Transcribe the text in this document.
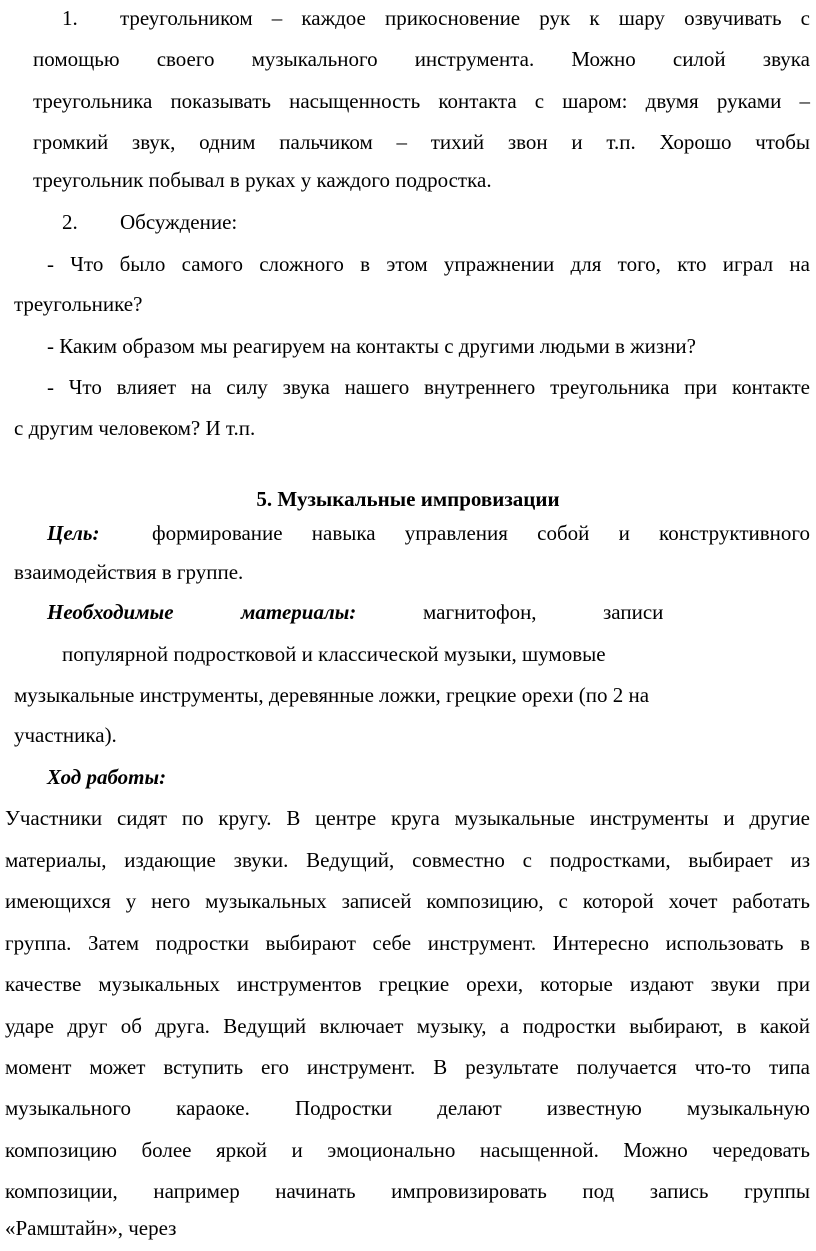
1. треугольником – каждое прикосновение рук к шару озвучивать с
помощью своего музыкального инструмента. Можно силой звука
треугольника показывать насыщенность контакта с шаром: двумя руками –
громкий звук, одним пальчиком – тихий звон и т.п. Хорошо чтобы
треугольник побывал в руках у каждого подростка.
2. Обсуждение:
- Что было самого сложного в этом упражнении для того, кто играл на
треугольнике?
- Каким образом мы реагируем на контакты с другими людьми в жизни?
- Что влияет на силу звука нашего внутреннего треугольника при контакте
с другим человеком? И т.п.
5. Музыкальные импровизации
Цель:	формирование навыка управления собой и конструктивного
взаимодействия в группе.
Необходимые	материалы:	магнитофон,	записи
популярной подростковой и классической музыки, шумовые
музыкальные инструменты, деревянные ложки, грецкие орехи (по 2 на
участника).
Ход работы:
Участники сидят по кругу. В центре круга музыкальные инструменты и другие
материалы, издающие звуки. Ведущий, совместно с подростками, выбирает из
имеющихся у него музыкальных записей композицию, с которой хочет работать
группа. Затем подростки выбирают себе инструмент. Интересно использовать в
качестве музыкальных инструментов грецкие орехи, которые издают звуки при
ударе друг об друга. Ведущий включает музыку, а подростки выбирают, в какой
момент может вступить его инструмент. В результате получается что-то типа
музыкального караоке. Подростки делают известную музыкальную
композицию более яркой и эмоционально насыщенной. Можно чередовать
композиции, например начинать импровизировать под запись группы
«Рамштайн», через
